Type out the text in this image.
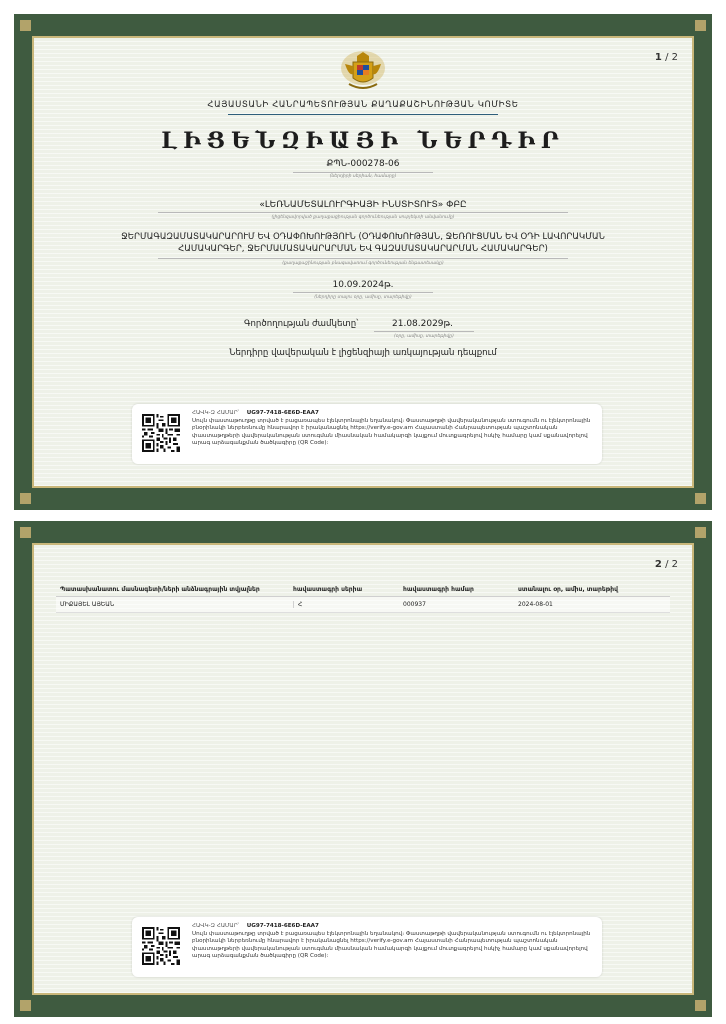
1 / 2
ՀԱՅԱՍՏԱՆԻ ՀԱՆՐԱՊԵՏՈՒԹՅԱՆ ՔԱՂԱՔԱՇԻՆՈՒԹՅԱՆ ԿՈՄԻՏԵ
ԼԻՑԵՆԶԻԱՅԻ ՆԵՐԴԻՐ
ՔՊՆ-000278-06
(ներդիրի սերիան, համարը)
«ԼԵՌՆԱՄԵՏԱԼՈՒՐԳԻԱՅԻ ԻՆՍՏԻՏՈՒՏ» ՓԲԸ
(լիցենզավորված քաղաքացիության գործունեության սուբյեկտի անվանումը)
ՋԵՐՄԱԳԱԶԱՄԱՏԱԿԱՐԱՐՈՒՄ ԵՎ ՕԴԱՓՈԽՈՒԹՅՈՒՆ (ՕԴԱՓՈԽՈՒԹՅԱՆ, ՋԵՌՈՒՑՄԱՆ ԵՎ ՕԴԻ ԼԱՎՈՐԱԿՄԱՆ ՀԱՄԱԿԱՐԳԵՐ, ՋԵՐՄԱՄԱՏԱԿԱՐԱՐՄԱՆ ԵՎ ԳԱԶԱՄԱՏԱԿԱՐԱՐՄԱՆ ՀԱՄԱԿԱՐԳԵՐ)
(քաղաքաշինության բնագավառում գործունեության ենթատեսակը)
10.09.2024թ.
(ներդիրը տալու օրը, ամիսը, տարեթիվը)
Գործողության ժամկետը՝	21.08.2029թ.
(օրը, ամիսը, տարեթիվը)
Ներդիրը վավերական է լիցենզիայի առկայության դեպքում
ՀԱՎԿ-Զ ՀԱՄԱՐ՝ UG97-7418-6E6D-EAA7
Սույն փաստաթուղթը տրված է բացառապես էլեկտրոնային եղանակով։ Փաստաթղթի վավերականության ստուգումն ու էլեկտրոնային բնօրինակի ներբեռնումը հնարավոր է իրականացնել https://verify.e-gov.am Հայաստանի Հանրապետության պաշտոնական փաստաթղթերի վավերականության ստուգման միասնական համակարգի կայքում մուտքագրելով հսկիչ համարը կամ սքանավորելով արագ արձագանքման ծածկագիրը (QR Code):
2 / 2
Պատասխանատու մասնագետի/ների անձնագրային տվյալներ	հավաստագրի սերիա	հավաստագրի համար	ստանալու օր, ամիս, տարեթիվ
ՄԻՔԱՅԵԼ ԱՅԵԱՆ	Հ	000937	2024-08-01
ՀԱՎԿ-Զ ՀԱՄԱՐ՝ UG97-7418-6E6D-EAA7
Սույն փաստաթուղթը տրված է բացառապես էլեկտրոնային եղանակով։ Փաստաթղթի վավերականության ստուգումն ու էլեկտրոնային բնօրինակի ներբեռնումը հնարավոր է իրականացնել https://verify.e-gov.am Հայաստանի Հանրապետության պաշտոնական փաստաթղթերի վավերականության ստուգման միասնական համակարգի կայքում մուտքագրելով հսկիչ համարը կամ սքանավորելով արագ արձագանքման ծածկագիրը (QR Code):
